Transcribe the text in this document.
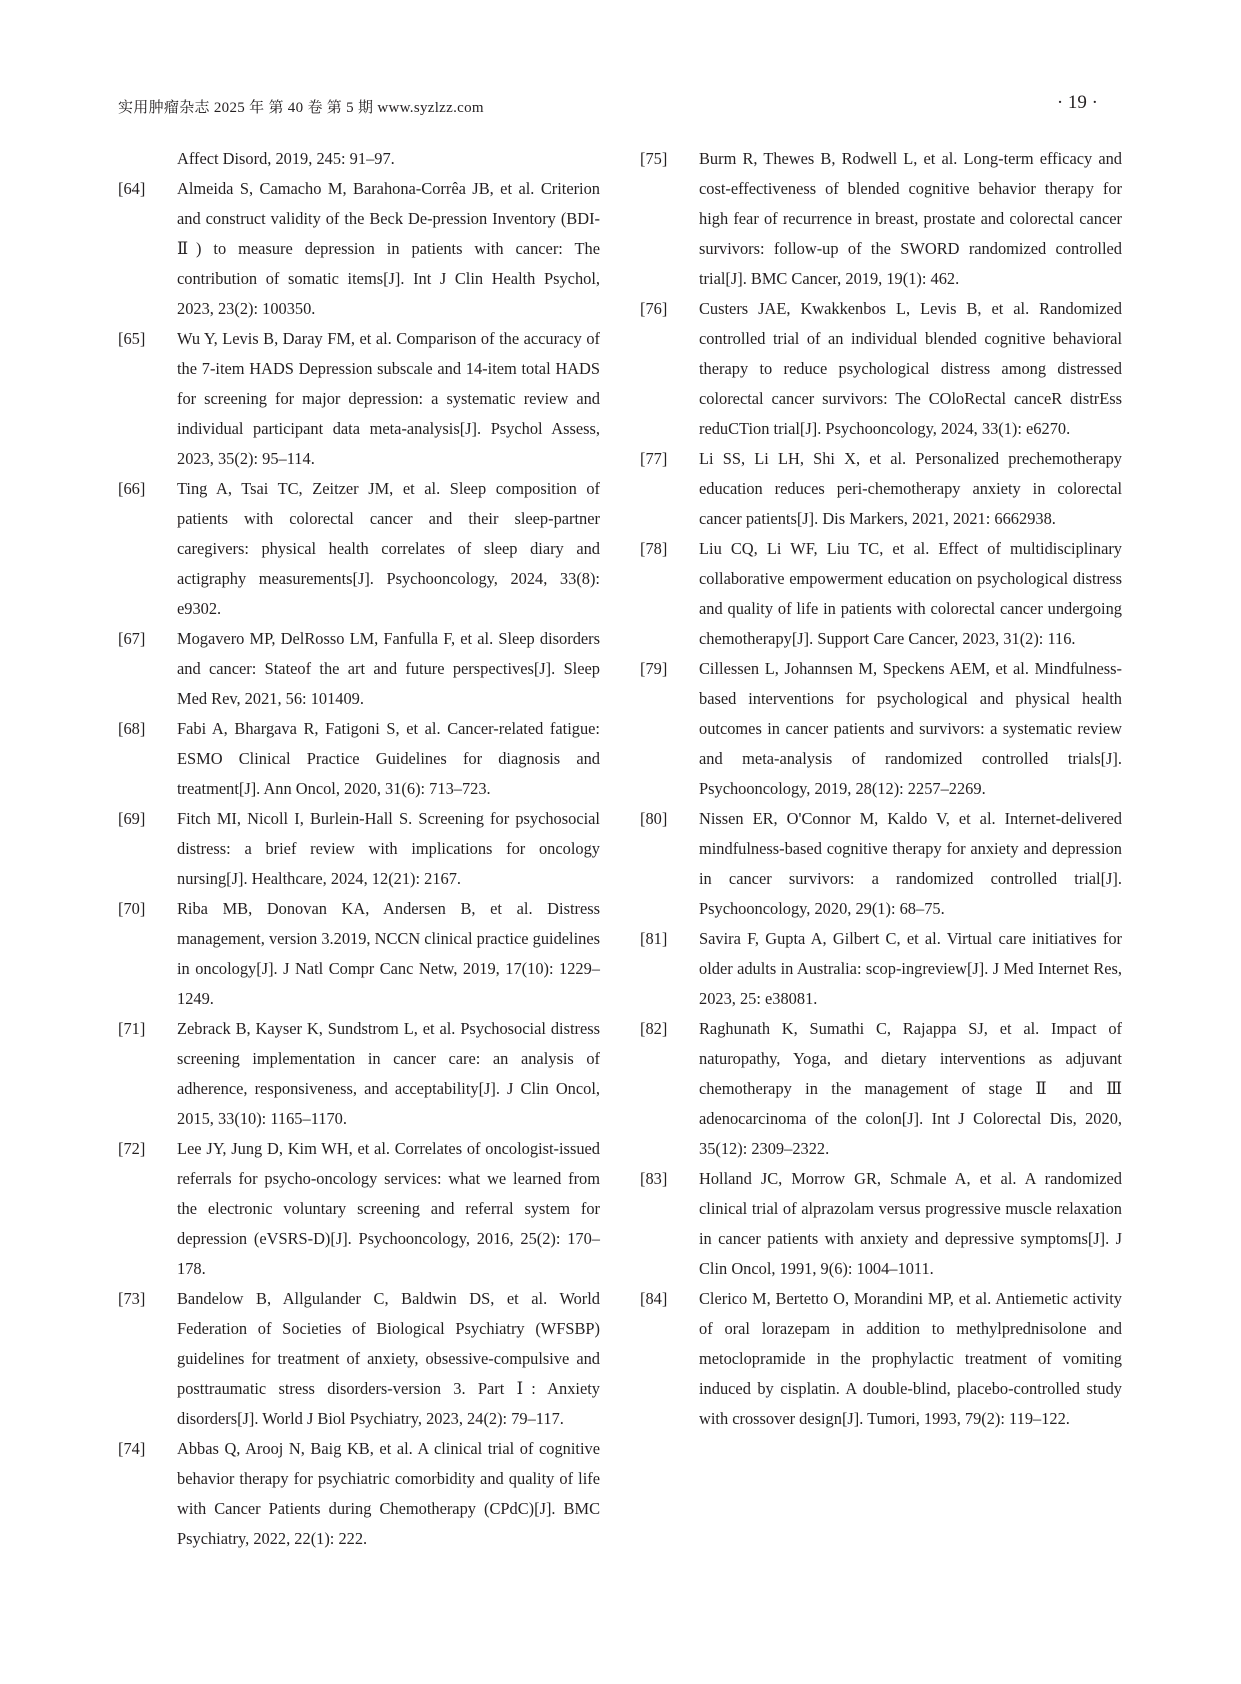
实用肿瘤杂志 2025 年 第 40 卷 第 5 期 www.syzlzz.com	· 19 ·
Affect Disord, 2019, 245: 91–97.
[64]	Almeida S, Camacho M, Barahona-Corrêa JB, et al. Criterion and construct validity of the Beck De-pression Inventory (BDI-Ⅱ) to measure depression in patients with cancer: The contribution of somatic items[J]. Int J Clin Health Psychol, 2023, 23(2): 100350.
[65]	Wu Y, Levis B, Daray FM, et al. Comparison of the accuracy of the 7-item HADS Depression subscale and 14-item total HADS for screening for major depression: a systematic review and individual participant data meta-analysis[J]. Psychol Assess, 2023, 35(2): 95–114.
[66]	Ting A, Tsai TC, Zeitzer JM, et al. Sleep composition of patients with colorectal cancer and their sleep-partner caregivers: physical health correlates of sleep diary and actigraphy measurements[J]. Psychooncology, 2024, 33(8): e9302.
[67]	Mogavero MP, DelRosso LM, Fanfulla F, et al. Sleep disorders and cancer: Stateof the art and future perspectives[J]. Sleep Med Rev, 2021, 56: 101409.
[68]	Fabi A, Bhargava R, Fatigoni S, et al. Cancer-related fatigue: ESMO Clinical Practice Guidelines for diagnosis and treatment[J]. Ann Oncol, 2020, 31(6): 713–723.
[69]	Fitch MI, Nicoll I, Burlein-Hall S. Screening for psychosocial distress: a brief review with implications for oncology nursing[J]. Healthcare, 2024, 12(21): 2167.
[70]	Riba MB, Donovan KA, Andersen B, et al. Distress management, version 3.2019, NCCN clinical practice guidelines in oncology[J]. J Natl Compr Canc Netw, 2019, 17(10): 1229–1249.
[71]	Zebrack B, Kayser K, Sundstrom L, et al. Psychosocial distress screening implementation in cancer care: an analysis of adherence, responsiveness, and acceptability[J]. J Clin Oncol, 2015, 33(10): 1165–1170.
[72]	Lee JY, Jung D, Kim WH, et al. Correlates of oncologist-issued referrals for psycho-oncology services: what we learned from the electronic voluntary screening and referral system for depression (eVSRS-D)[J]. Psychooncology, 2016, 25(2): 170–178.
[73]	Bandelow B, Allgulander C, Baldwin DS, et al. World Federation of Societies of Biological Psychiatry (WFSBP) guidelines for treatment of anxiety, obsessive-compulsive and posttraumatic stress disorders-version 3. Part Ⅰ: Anxiety disorders[J]. World J Biol Psychiatry, 2023, 24(2): 79–117.
[74]	Abbas Q, Arooj N, Baig KB, et al. A clinical trial of cognitive behavior therapy for psychiatric comorbidity and quality of life with Cancer Patients during Chemotherapy (CPdC)[J]. BMC Psychiatry, 2022, 22(1): 222.
[75]	Burm R, Thewes B, Rodwell L, et al. Long-term efficacy and cost-effectiveness of blended cognitive behavior therapy for high fear of recurrence in breast, prostate and colorectal cancer survivors: follow-up of the SWORD randomized controlled trial[J]. BMC Cancer, 2019, 19(1): 462.
[76]	Custers JAE, Kwakkenbos L, Levis B, et al. Randomized controlled trial of an individual blended cognitive behavioral therapy to reduce psychological distress among distressed colorectal cancer survivors: The COloRectal canceR distrEss reduCTion trial[J]. Psychooncology, 2024, 33(1): e6270.
[77]	Li SS, Li LH, Shi X, et al. Personalized prechemotherapy education reduces peri-chemotherapy anxiety in colorectal cancer patients[J]. Dis Markers, 2021, 2021: 6662938.
[78]	Liu CQ, Li WF, Liu TC, et al. Effect of multidisciplinary collaborative empowerment education on psychological distress and quality of life in patients with colorectal cancer undergoing chemotherapy[J]. Support Care Cancer, 2023, 31(2): 116.
[79]	Cillessen L, Johannsen M, Speckens AEM, et al. Mindfulness-based interventions for psychological and physical health outcomes in cancer patients and survivors: a systematic review and meta-analysis of randomized controlled trials[J]. Psychooncology, 2019, 28(12): 2257–2269.
[80]	Nissen ER, O'Connor M, Kaldo V, et al. Internet-delivered mindfulness-based cognitive therapy for anxiety and depression in cancer survivors: a randomized controlled trial[J]. Psychooncology, 2020, 29(1): 68–75.
[81]	Savira F, Gupta A, Gilbert C, et al. Virtual care initiatives for older adults in Australia: scop-ingreview[J]. J Med Internet Res, 2023, 25: e38081.
[82]	Raghunath K, Sumathi C, Rajappa SJ, et al. Impact of naturopathy, Yoga, and dietary interventions as adjuvant chemotherapy in the management of stage Ⅱ and Ⅲ adenocarcinoma of the colon[J]. Int J Colorectal Dis, 2020, 35(12): 2309–2322.
[83]	Holland JC, Morrow GR, Schmale A, et al. A randomized clinical trial of alprazolam versus progressive muscle relaxation in cancer patients with anxiety and depressive symptoms[J]. J Clin Oncol, 1991, 9(6): 1004–1011.
[84]	Clerico M, Bertetto O, Morandini MP, et al. Antiemetic activity of oral lorazepam in addition to methylprednisolone and metoclopramide in the prophylactic treatment of vomiting induced by cisplatin. A double-blind, placebo-controlled study with crossover design[J]. Tumori, 1993, 79(2): 119–122.
